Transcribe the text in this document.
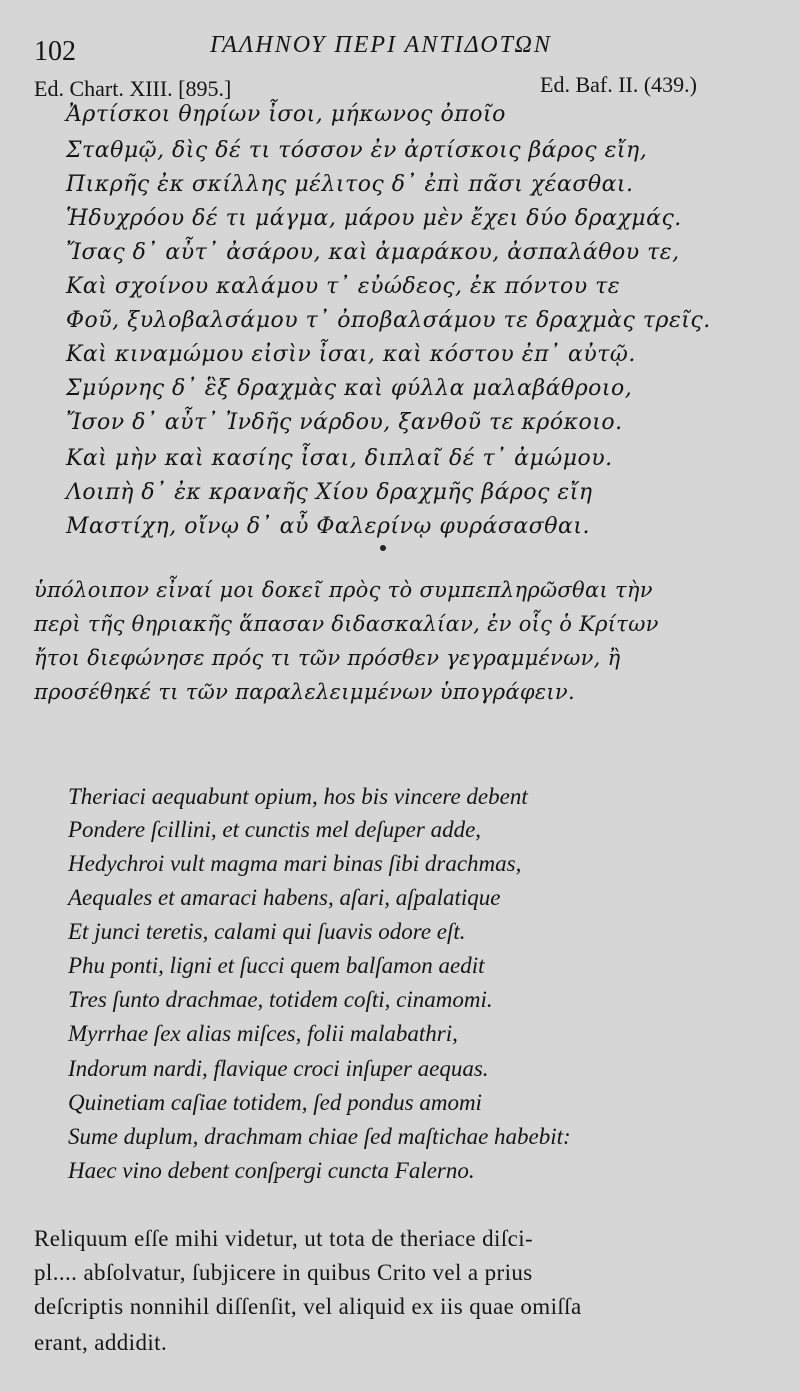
102	ΓΑΛΗΝΟΥ ΠΕΡΙ ΑΝΤΙΔΟΤΩΝ
Ed. Chart. XIII. [895.]	Ed. Baf. II. (439.)
Ἀρτίσκοι θηρίων ἶσοι, μήκωνος ὀποῖο
Σταθμῷ, δὶς δέ τι τόσσον ἐν ἀρτίσκοις βάρος εἴη,
Πικρῆς ἐκ σκίλλης μέλιτος δ᾽ ἐπὶ πᾶσι χέασθαι.
Ἡδυχρόου δέ τι μάγμα, μάρου μὲν ἔχει δύο δραχμάς.
Ἴσας δ᾽ αὖτ᾽ ἀσάρου, καὶ ἀμαράκου, ἀσπαλάθου τε,
Καὶ σχοίνου καλάμου τ᾽ εὐώδεος, ἐκ πόντου τε
Φοῦ, ξυλοβαλσάμου τ᾽ ὀποβαλσάμου τε δραχμὰς τρεῖς.
Καὶ κιναμώμου εἰσὶν ἶσαι, καὶ κόστου ἐπ᾽ αὐτῷ.
Σμύρνης δ᾽ ἓξ δραχμὰς καὶ φύλλα μαλαβάθροιο,
Ἴσον δ᾽ αὖτ᾽ Ἰνδῆς νάρδου, ξανθοῦ τε κρόκοιο.
Καὶ μὴν καὶ κασίης ἶσαι, διπλαῖ δέ τ᾽ ἀμώμου.
Λοιπὴ δ᾽ ἐκ κραναῆς Χίου δραχμῆς βάρος εἴη
Μαστίχη, οἴνῳ δ᾽ αὖ Φαλερίνῳ φυράσασθαι.
ὑπόλοιπον εἶναί μοι δοκεῖ πρὸς τὸ συμπεπληρῶσθαι τὴν
περὶ τῆς θηριακῆς ἅπασαν διδασκαλίαν, ἐν οἷς ὁ Κρίτων
ἤτοι διεφώνησε πρός τι τῶν πρόσθεν γεγραμμένων, ἢ
προσέθηκέ τι τῶν παραλελειμμένων ὑπογράφειν.
Theriaci aequabunt opium, hos bis vincere debent
Pondere ſcillini, et cunctis mel deſuper adde,
Hedychroi vult magma mari binas ſibi drachmas,
Aequales et amaraci habens, aſari, aſpalatique
Et junci teretis, calami qui ſuavis odore eſt.
Phu ponti, ligni et ſucci quem balſamon aedit
Tres ſunto drachmae, totidem coſti, cinamomi.
Myrrhae ſex alias miſces, folii malabathri,
Indorum nardi, flavique croci inſuper aequas.
Quinetiam caſiae totidem, ſed pondus amomi
Sume duplum, drachmam chiae ſed maſtichae habebit:
Haec vino debent conſpergi cuncta Falerno.
Reliquum eſſe mihi videtur, ut tota de theriace diſci-
pl.... abſolvatur, ſubjicere in quibus Crito vel a prius
deſcriptis nonnihil diſſenſit, vel aliquid ex iis quae omiſſa
erant, addidit.
